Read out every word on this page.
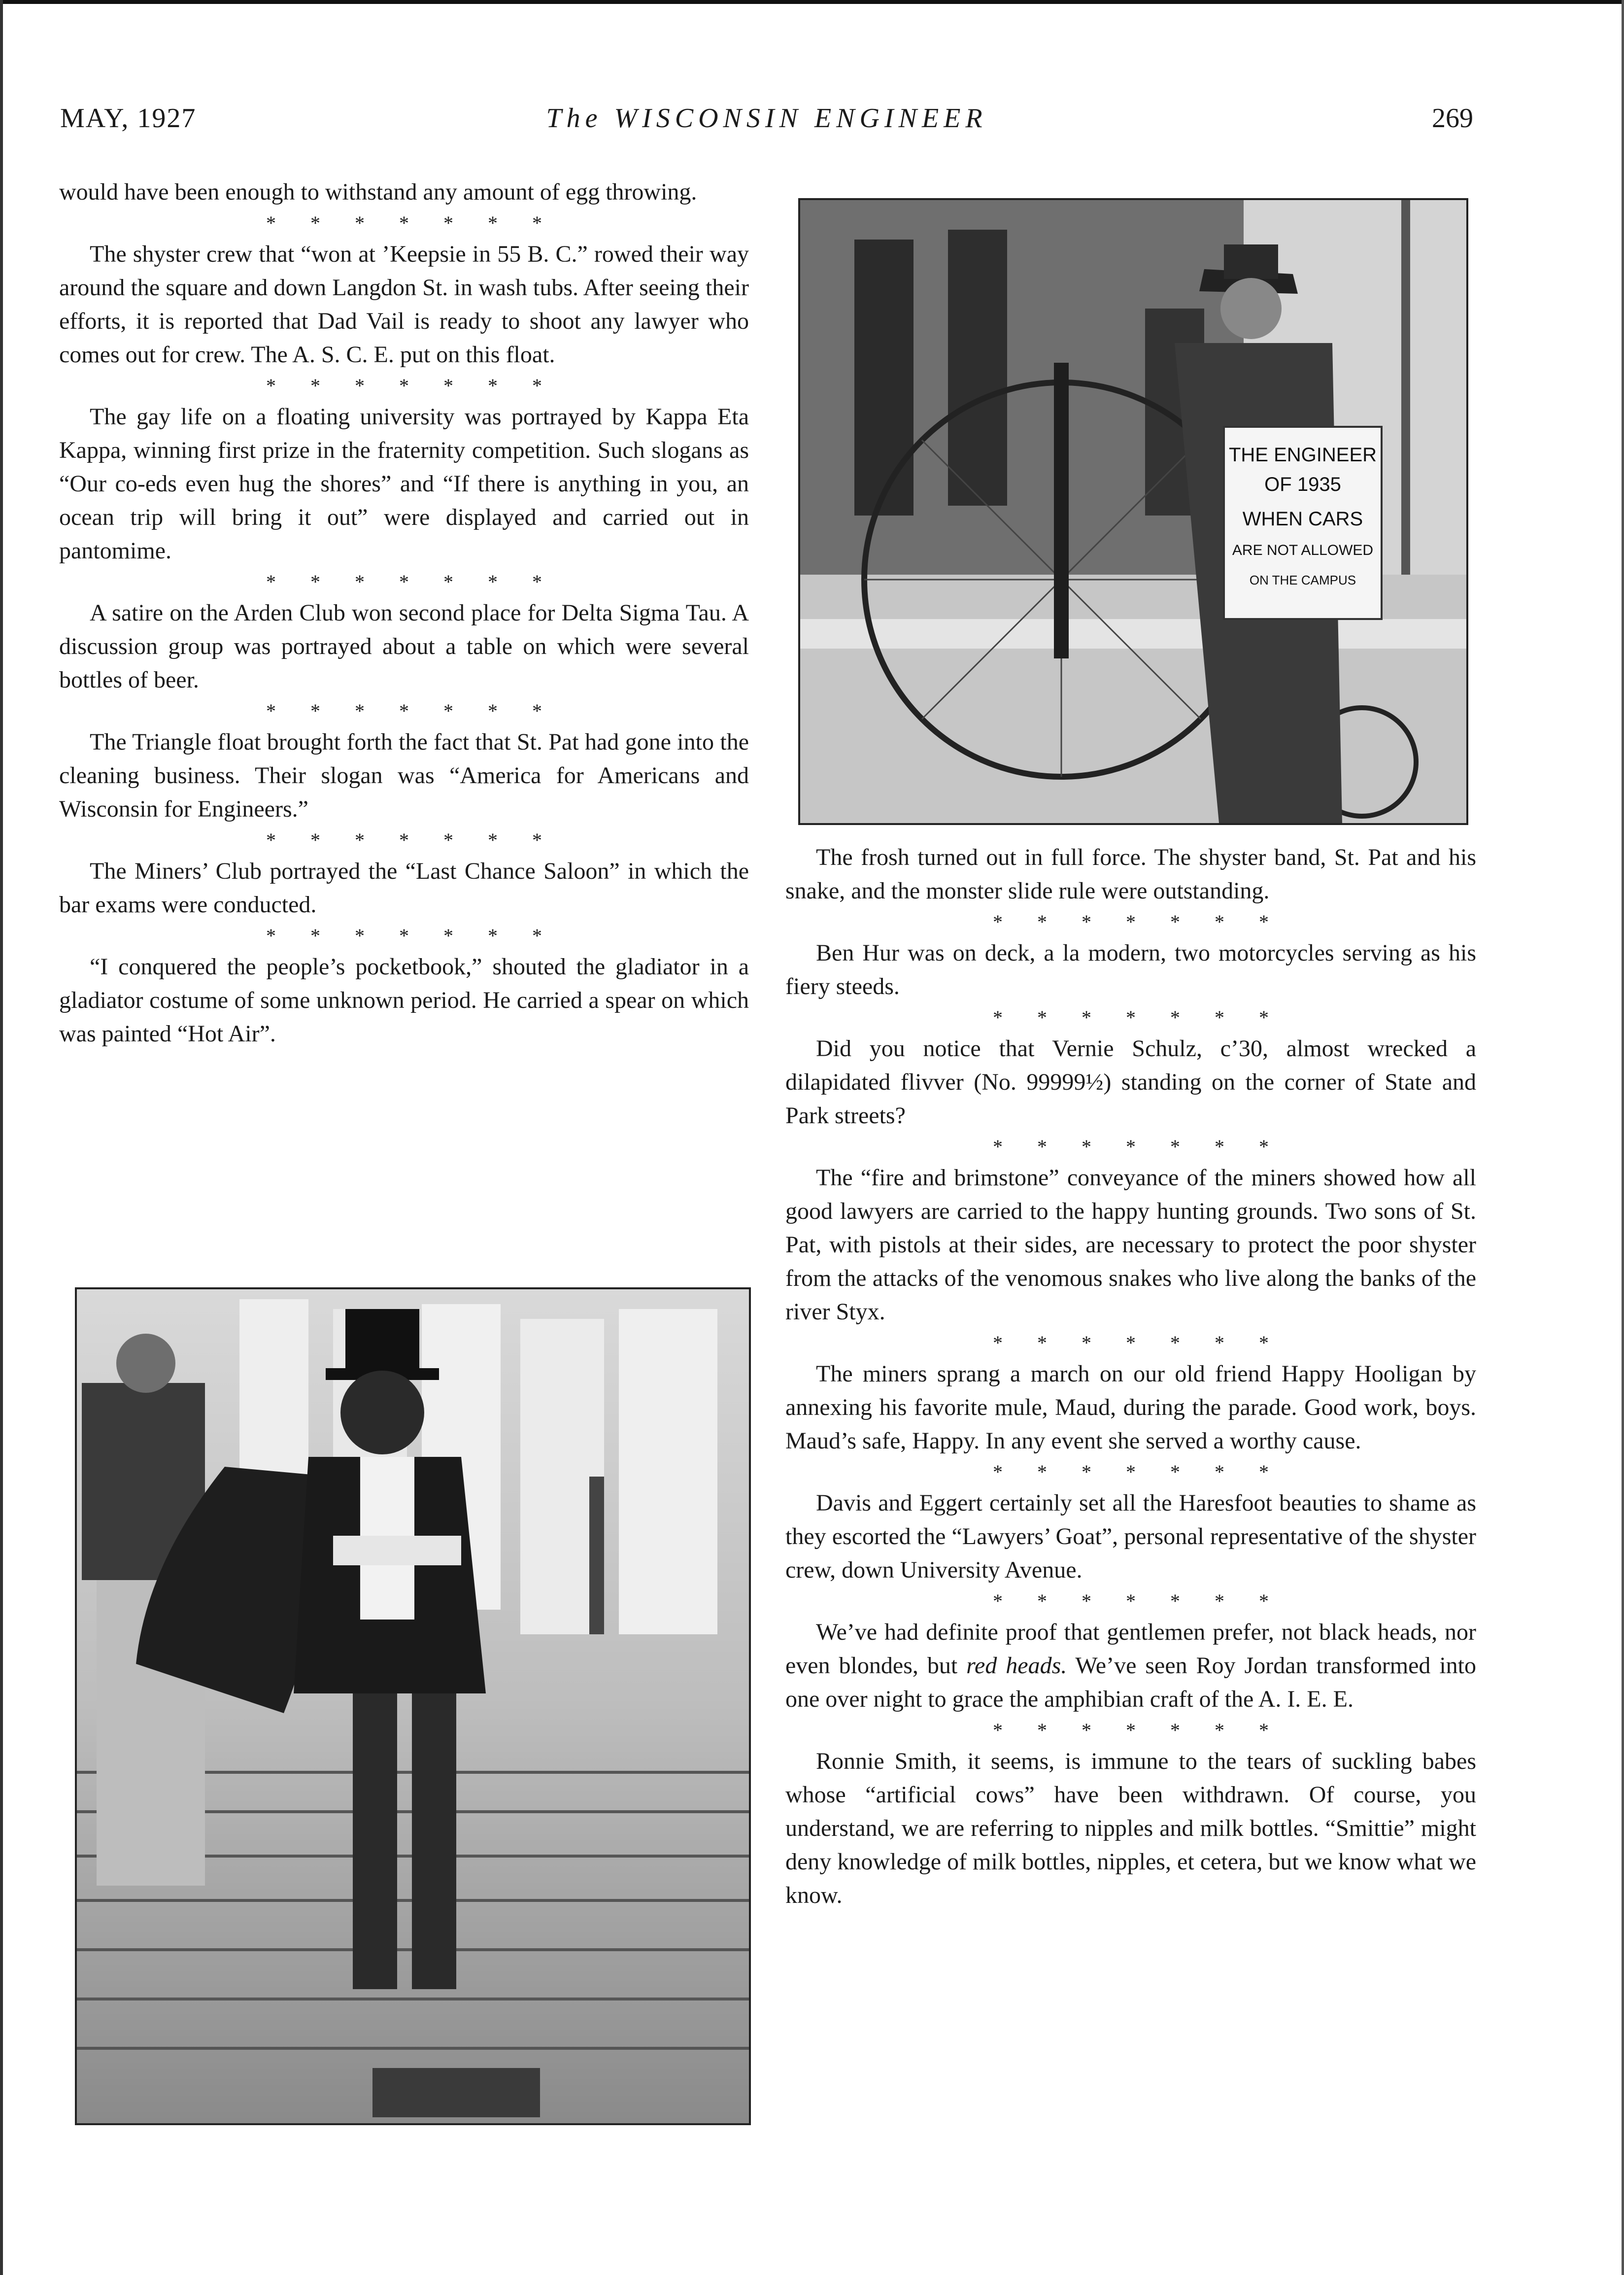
MAY, 1927	The WISCONSIN ENGINEER	269

would have been enough to withstand any amount of egg throwing.

* * * * * * *

The shyster crew that “won at ’Keepsie in 55 B. C.” rowed their way around the square and down Langdon St. in wash tubs. After seeing their efforts, it is reported that Dad Vail is ready to shoot any lawyer who comes out for crew. The A. S. C. E. put on this float.

* * * * * * *

The gay life on a floating university was portrayed by Kappa Eta Kappa, winning first prize in the fraternity competition. Such slogans as “Our co-eds even hug the shores” and “If there is anything in you, an ocean trip will bring it out” were displayed and carried out in pantomime.

* * * * * * *

A satire on the Arden Club won second place for Delta Sigma Tau. A discussion group was portrayed about a table on which were several bottles of beer.

* * * * * * *

The Triangle float brought forth the fact that St. Pat had gone into the cleaning business. Their slogan was “America for Americans and Wisconsin for Engineers.”

* * * * * * *

The Miners’ Club portrayed the “Last Chance Saloon” in which the bar exams were conducted.

* * * * * * *

“I conquered the people’s pocketbook,” shouted the gladiator in a gladiator costume of some unknown period. He carried a spear on which was painted “Hot Air”.

THE ENGINEER
OF 1935
WHEN CARS
ARE NOT ALLOWED
ON THE CAMPUS

The frosh turned out in full force. The shyster band, St. Pat and his snake, and the monster slide rule were outstanding.

* * * * * * *

Ben Hur was on deck, a la modern, two motorcycles serving as his fiery steeds.

* * * * * * *

Did you notice that Vernie Schulz, c’30, almost wrecked a dilapidated flivver (No. 99999½) standing on the corner of State and Park streets?

* * * * * * *

The “fire and brimstone” conveyance of the miners showed how all good lawyers are carried to the happy hunting grounds. Two sons of St. Pat, with pistols at their sides, are necessary to protect the poor shyster from the attacks of the venomous snakes who live along the banks of the river Styx.

* * * * * * *

The miners sprang a march on our old friend Happy Hooligan by annexing his favorite mule, Maud, during the parade. Good work, boys. Maud’s safe, Happy. In any event she served a worthy cause.

* * * * * * *

Davis and Eggert certainly set all the Haresfoot beauties to shame as they escorted the “Lawyers’ Goat”, personal representative of the shyster crew, down University Avenue.

* * * * * * *

We’ve had definite proof that gentlemen prefer, not black heads, nor even blondes, but red heads. We’ve seen Roy Jordan transformed into one over night to grace the amphibian craft of the A. I. E. E.

* * * * * * *

Ronnie Smith, it seems, is immune to the tears of suckling babes whose “artificial cows” have been withdrawn. Of course, you understand, we are referring to nipples and milk bottles. “Smittie” might deny knowledge of milk bottles, nipples, et cetera, but we know what we know.
